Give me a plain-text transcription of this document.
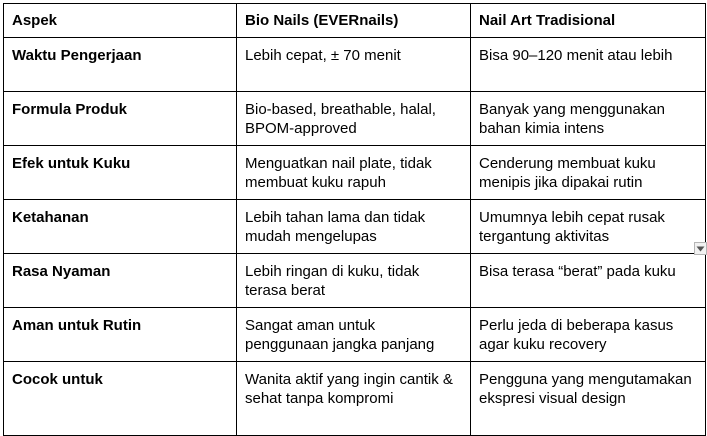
Aspek	Bio Nails (EVERnails)	Nail Art Tradisional
Waktu Pengerjaan	Lebih cepat, ± 70 menit	Bisa 90–120 menit atau lebih
Formula Produk	Bio-based, breathable, halal, BPOM-approved	Banyak yang menggunakan bahan kimia intens
Efek untuk Kuku	Menguatkan nail plate, tidak membuat kuku rapuh	Cenderung membuat kuku menipis jika dipakai rutin
Ketahanan	Lebih tahan lama dan tidak mudah mengelupas	Umumnya lebih cepat rusak tergantung aktivitas
Rasa Nyaman	Lebih ringan di kuku, tidak terasa berat	Bisa terasa “berat” pada kuku
Aman untuk Rutin	Sangat aman untuk penggunaan jangka panjang	Perlu jeda di beberapa kasus agar kuku recovery
Cocok untuk	Wanita aktif yang ingin cantik & sehat tanpa kompromi	Pengguna yang mengutamakan ekspresi visual design
